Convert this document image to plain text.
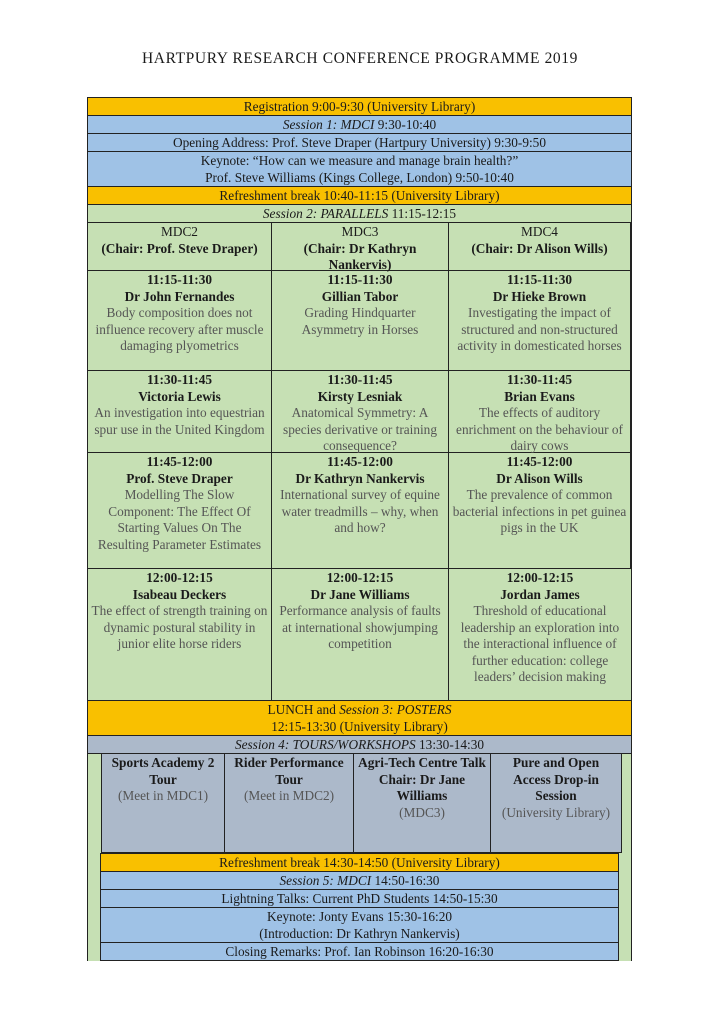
HARTPURY RESEARCH CONFERENCE PROGRAMME 2019
Registration 9:00-9:30 (University Library)
Session 1: MDCI 9:30-10:40
Opening Address: Prof. Steve Draper (Hartpury University) 9:30-9:50
Keynote: “How can we measure and manage brain health?”
Prof. Steve Williams (Kings College, London) 9:50-10:40
Refreshment break 10:40-11:15 (University Library)
Session 2: PARALLELS 11:15-12:15
MDC2
(Chair: Prof. Steve Draper)
MDC3
(Chair: Dr Kathryn Nankervis)
MDC4
(Chair: Dr Alison Wills)
11:15-11:30
Dr John Fernandes
Body composition does not influence recovery after muscle damaging plyometrics
11:15-11:30
Gillian Tabor
Grading Hindquarter Asymmetry in Horses
11:15-11:30
Dr Hieke Brown
Investigating the impact of structured and non-structured activity in domesticated horses
11:30-11:45
Victoria Lewis
An investigation into equestrian spur use in the United Kingdom
11:30-11:45
Kirsty Lesniak
Anatomical Symmetry: A species derivative or training consequence?
11:30-11:45
Brian Evans
The effects of auditory enrichment on the behaviour of dairy cows
11:45-12:00
Prof. Steve Draper
Modelling The Slow Component: The Effect Of Starting Values On The Resulting Parameter Estimates
11:45-12:00
Dr Kathryn Nankervis
International survey of equine water treadmills – why, when and how?
11:45-12:00
Dr Alison Wills
The prevalence of common bacterial infections in pet guinea pigs in the UK
12:00-12:15
Isabeau Deckers
The effect of strength training on dynamic postural stability in junior elite horse riders
12:00-12:15
Dr Jane Williams
Performance analysis of faults at international showjumping competition
12:00-12:15
Jordan James
Threshold of educational leadership an exploration into the interactional influence of further education: college leaders’ decision making
LUNCH and Session 3: POSTERS
12:15-13:30 (University Library)
Session 4: TOURS/WORKSHOPS 13:30-14:30
Sports Academy 2 Tour
(Meet in MDC1)
Rider Performance Tour
(Meet in MDC2)
Agri-Tech Centre Talk
Chair: Dr Jane Williams
(MDC3)
Pure and Open Access Drop-in Session
(University Library)
Refreshment break 14:30-14:50 (University Library)
Session 5: MDCI 14:50-16:30
Lightning Talks: Current PhD Students 14:50-15:30
Keynote: Jonty Evans 15:30-16:20
(Introduction: Dr Kathryn Nankervis)
Closing Remarks: Prof. Ian Robinson 16:20-16:30
